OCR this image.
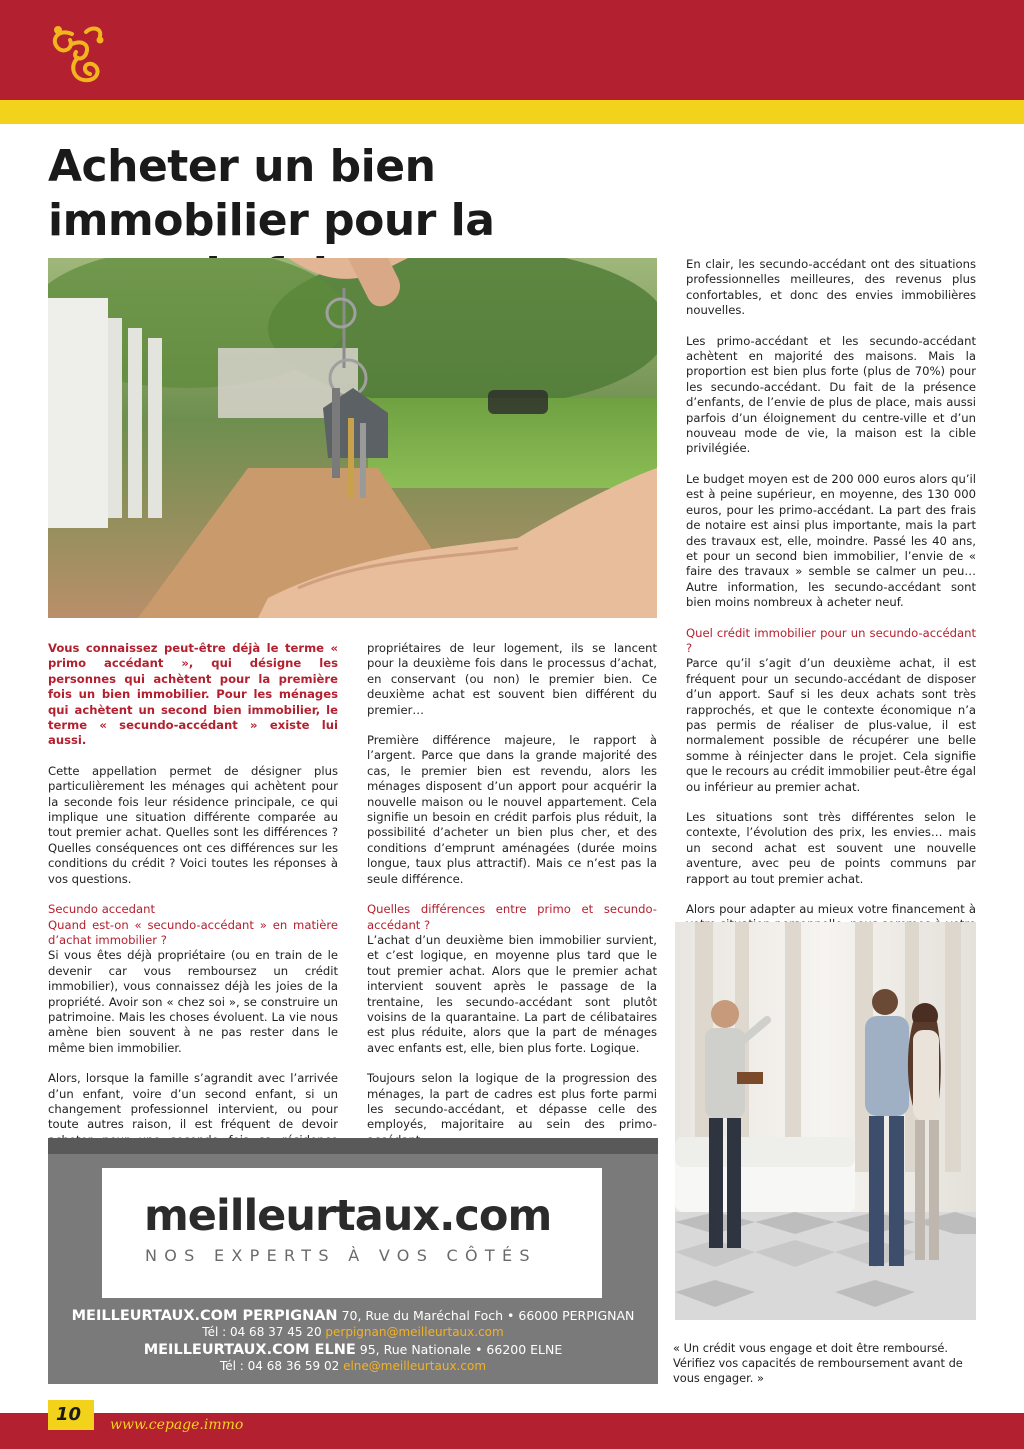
Acheter un bien immobilier pour la

Vous connaissez peut-être déjà le terme « primo accédant », qui désigne les personnes qui achètent pour la première fois un bien immobilier. Pour les ménages qui achètent un second bien immobilier, le terme « secundo-accédant » existe lui aussi.

Cette appellation permet de désigner plus particulièrement les ménages qui achètent pour la seconde fois leur résidence principale, ce qui implique une situation différente comparée au tout premier achat. Quelles sont les différences ? Quelles conséquences ont ces différences sur les conditions du crédit ? Voici toutes les réponses à vos questions.

Secundo accedant
Quand est-on « secundo-accédant » en matière d’achat immobilier ?

Si vous êtes déjà propriétaire (ou en train de le devenir car vous remboursez un crédit immobilier), vous connaissez déjà les joies de la propriété. Avoir son « chez soi », se construire un patrimoine. Mais les choses évoluent. La vie nous amène bien souvent à ne pas rester dans le même bien immobilier.

Alors, lorsque la famille s’agrandit avec l’arrivée d’un enfant, voire d’un second enfant, si un changement professionnel intervient, ou pour toute autres raison, il est fréquent de devoir

propriétaires de leur logement, ils se lancent pour la deuxième fois dans le processus d’achat, en conservant (ou non) le premier bien. Ce deuxième achat est souvent bien différent du premier…

Première différence majeure, le rapport à l’argent. Parce que dans la grande majorité des cas, le premier bien est revendu, alors les ménages disposent d’un apport pour acquérir la nouvelle maison ou le nouvel appartement. Cela signifie un besoin en crédit parfois plus réduit, la possibilité d’acheter un bien plus cher, et des conditions d’emprunt aménagées (durée moins longue, taux plus attractif). Mais ce n’est pas la seule différence.

Quelles différences entre primo et secundo-accédant ?

L’achat d’un deuxième bien immobilier survient, et c’est logique, en moyenne plus tard que le tout premier achat. Alors que le premier achat intervient souvent après le passage de la trentaine, les secundo-accédant sont plutôt voisins de la quarantaine. La part de célibataires est plus réduite, alors que la part de ménages avec enfants est, elle, bien plus forte. Logique.

Toujours selon la logique de la progression des ménages, la part de cadres est plus forte parmi les secundo-accédant, et dépasse celle des employés, majoritaire au sein des primo-

En clair, les secundo-accédant ont des situations professionnelles meilleures, des revenus plus confortables, et donc des envies immobilières nouvelles.

Les primo-accédant et les secundo-accédant achètent en majorité des maisons. Mais la proportion est bien plus forte (plus de 70%) pour les secundo-accédant. Du fait de la présence d’enfants, de l’envie de plus de place, mais aussi parfois d’un éloignement du centre-ville et d’un nouveau mode de vie, la maison est la cible privilégiée.

Le budget moyen est de 200 000 euros alors qu’il est à peine supérieur, en moyenne, des 130 000 euros, pour les primo-accédant. La part des frais de notaire est ainsi plus importante, mais la part des travaux est, elle, moindre. Passé les 40 ans, et pour un second bien immobilier, l’envie de « faire des travaux » semble se calmer un peu… Autre information, les secundo-accédant sont bien moins nombreux à acheter neuf.

Quel crédit immobilier pour un secundo-accédant ?

Parce qu’il s’agit d’un deuxième achat, il est fréquent pour un secundo-accédant de disposer d’un apport. Sauf si les deux achats sont très rapprochés, et que le contexte économique n’a pas permis de réaliser de plus-value, il est normalement possible de récupérer une belle somme à réinjecter dans le projet. Cela signifie que le recours au crédit immobilier peut-être égal ou inférieur au premier achat.

Les situations sont très différentes selon le contexte, l’évolution des prix, les envies… mais un second achat est souvent une nouvelle aventure, avec peu de points communs par rapport au tout premier achat.

Alors pour adapter au mieux votre financement à

« Un crédit vous engage et doit être remboursé. Vérifiez vos capacités de remboursement avant de vous engager. »
meilleurtaux.com
NOS EXPERTS À VOS CÔTÉS
MEILLEURTAUX.COM PERPIGNAN 70, Rue du Maréchal Foch • 66000 PERPIGNAN
Tél : 04 68 37 45 20 perpignan@meilleurtaux.com
MEILLEURTAUX.COM ELNE 95, Rue Nationale • 66200 ELNE
Tél : 04 68 36 59 02 elne@meilleurtaux.com
10	www.cepage.immo
